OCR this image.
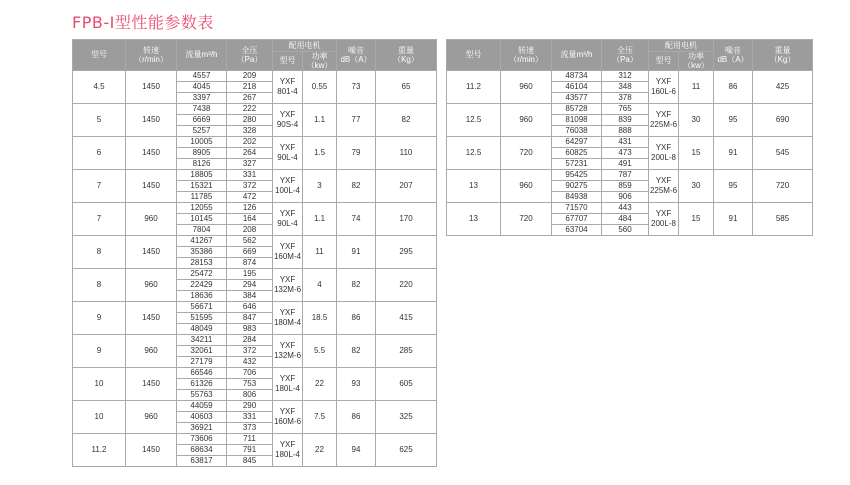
FPB-I型性能参数表
型号	转速
（r/min）	流量m³/h	全压
（Pa）	配用电机		噪音
dB（A）	重量
（Kg）
				型号	功率
（kw）		
4.5	1450	4557	209	YXF
801-4	0.55	73	65
		4045	218				
		3397	267				
5	1450	7438	222	YXF
90S-4	1.1	77	82
		6669	280				
		5257	328				
6	1450	10005	202	YXF
90L-4	1.5	79	110
		8905	264				
		8126	327				
7	1450	18805	331	YXF
100L-4	3	82	207
		15321	372				
		11785	472				
7	960	12055	126	YXF
90L-4	1.1	74	170
		10145	164				
		7804	208				
8	1450	41267	562	YXF
160M-4	11	91	295
		35386	669				
		28153	874				
8	960	25472	195	YXF
132M-6	4	82	220
		22429	294				
		18636	384				
9	1450	56671	646	YXF
180M-4	18.5	86	415
		51595	847				
		48049	983				
9	960	34211	284	YXF
132M-6	5.5	82	285
		32061	372				
		27179	432				
10	1450	66546	706	YXF
180L-4	22	93	605
		61326	753				
		55763	806				
10	960	44059	290	YXF
160M-6	7.5	86	325
		40603	331				
		36921	373				
11.2	1450	73606	711	YXF
180L-4	22	94	625
		68634	791				
		63817	845				
型号	转速
（r/min）	流量m³/h	全压
（Pa）	配用电机		噪音
dB（A）	重量
（Kg）
				型号	功率
（kw）		
11.2	960	48734	312	YXF
160L-6	11	86	425
		46104	348				
		43577	378				
12.5	960	85728	765	YXF
225M-6	30	95	690
		81098	839				
		76038	888				
12.5	720	64297	431	YXF
200L-8	15	91	545
		60825	473				
		57231	491				
13	960	95425	787	YXF
225M-6	30	95	720
		90275	859				
		84938	906				
13	720	71570	443	YXF
200L-8	15	91	585
		67707	484				
		63704	560				
